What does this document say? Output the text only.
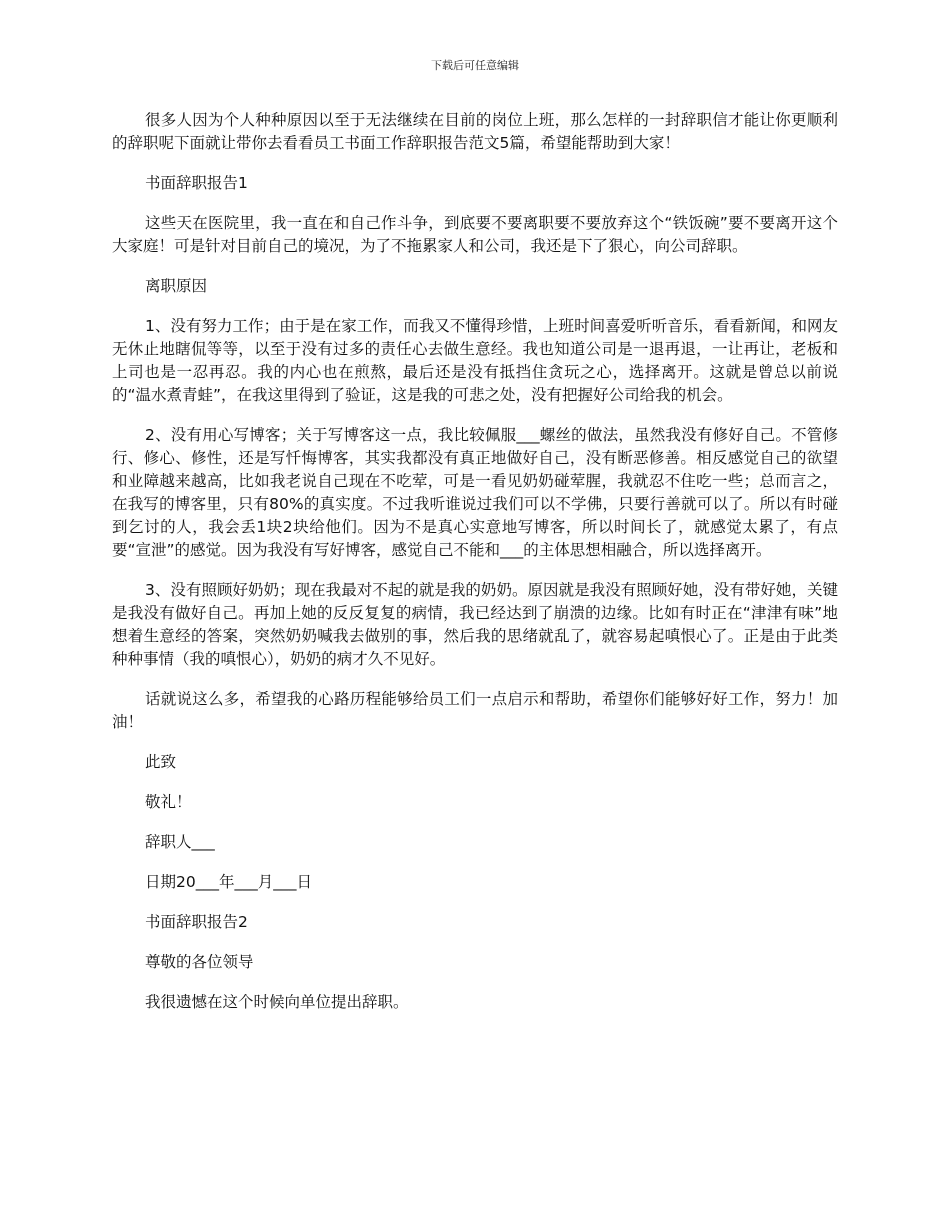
下载后可任意编辑

很多人因为个人种种原因以至于无法继续在目前的岗位上班，那么怎样的一封辞职信才能让你更顺利的辞职呢下面就让带你去看看员工书面工作辞职报告范文5篇，希望能帮助到大家！

书面辞职报告1

这些天在医院里，我一直在和自己作斗争，到底要不要离职要不要放弃这个“铁饭碗”要不要离开这个大家庭！可是针对目前自己的境况，为了不拖累家人和公司，我还是下了狠心，向公司辞职。

离职原因

1、没有努力工作；由于是在家工作，而我又不懂得珍惜，上班时间喜爱听听音乐，看看新闻，和网友无休止地瞎侃等等，以至于没有过多的责任心去做生意经。我也知道公司是一退再退，一让再让，老板和上司也是一忍再忍。我的内心也在煎熬，最后还是没有抵挡住贪玩之心，选择离开。这就是曾总以前说的“温水煮青蛙”，在我这里得到了验证，这是我的可悲之处，没有把握好公司给我的机会。

2、没有用心写博客；关于写博客这一点，我比较佩服___螺丝的做法，虽然我没有修好自己。不管修行、修心、修性，还是写忏悔博客，其实我都没有真正地做好自己，没有断恶修善。相反感觉自己的欲望和业障越来越高，比如我老说自己现在不吃荤，可是一看见奶奶碰荤腥，我就忍不住吃一些；总而言之，在我写的博客里，只有80%的真实度。不过我听谁说过我们可以不学佛，只要行善就可以了。所以有时碰到乞讨的人，我会丢1块2块给他们。因为不是真心实意地写博客，所以时间长了，就感觉太累了，有点要“宣泄”的感觉。因为我没有写好博客，感觉自己不能和___的主体思想相融合，所以选择离开。

3、没有照顾好奶奶；现在我最对不起的就是我的奶奶。原因就是我没有照顾好她，没有带好她，关键是我没有做好自己。再加上她的反反复复的病情，我已经达到了崩溃的边缘。比如有时正在“津津有味”地想着生意经的答案，突然奶奶喊我去做别的事，然后我的思绪就乱了，就容易起嗔恨心了。正是由于此类种种事情（我的嗔恨心），奶奶的病才久不见好。

话就说这么多，希望我的心路历程能够给员工们一点启示和帮助，希望你们能够好好工作，努力！加油！

此致

敬礼！

辞职人___

日期20___年___月___日

书面辞职报告2

尊敬的各位领导

我很遗憾在这个时候向单位提出辞职。
